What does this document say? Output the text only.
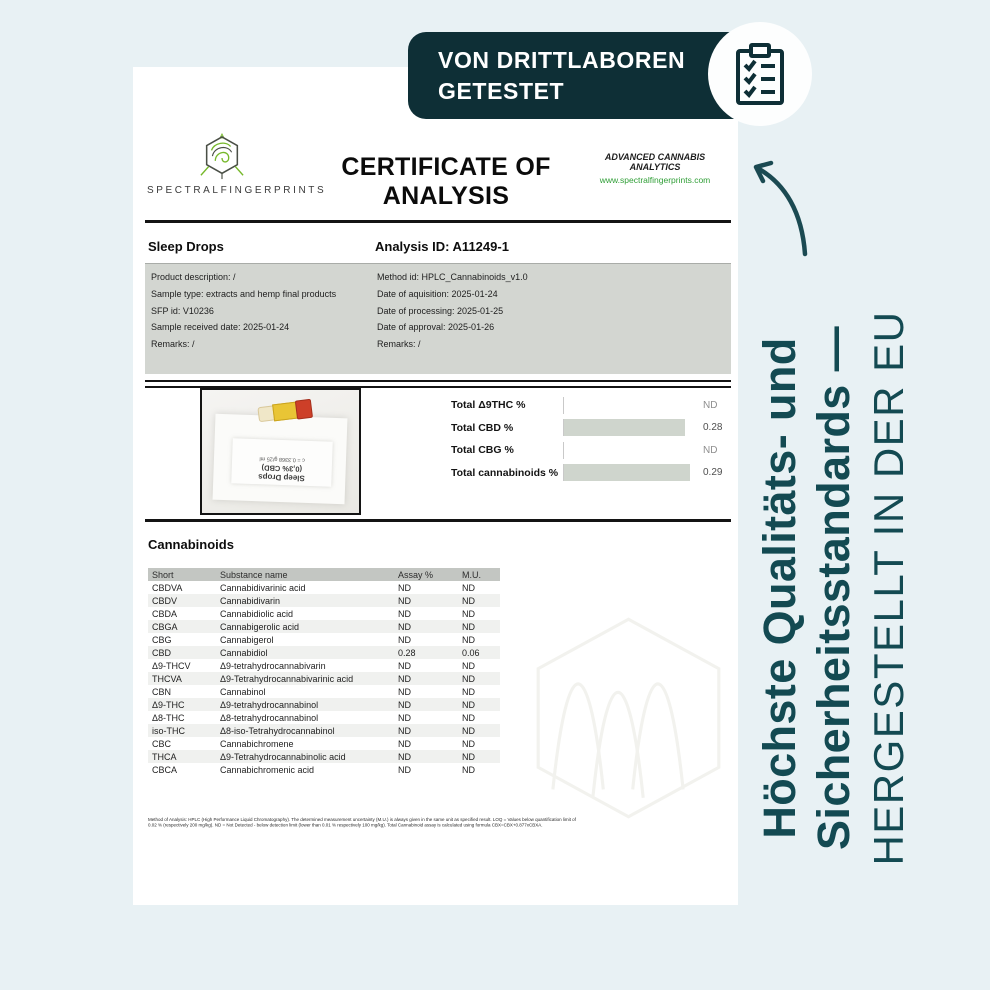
SPECTRALFINGERPRINTS
CERTIFICATE OF ANALYSIS
ADVANCED CANNABIS ANALYTICS
www.spectralfingerprints.com
Sleep Drops	Analysis ID: A11249-1
Product description: /
Sample type: extracts and hemp final products
SFP id: V10236
Sample received date: 2025-01-24
Remarks: /
Method id: HPLC_Cannabinoids_v1.0
Date of aquisition: 2025-01-24
Date of processing: 2025-01-25
Date of approval: 2025-01-26
Remarks: /
Sleep Drops
(0,3% CBD)
c = 0.3368 g/25 ml
Total Δ9THC %	ND
Total CBD %	0.28
Total CBG %	ND
Total cannabinoids %	0.29
Cannabinoids
Short	Substance name	Assay %	M.U.
CBDVA	Cannabidivarinic acid	ND	ND
CBDV	Cannabidivarin	ND	ND
CBDA	Cannabidiolic acid	ND	ND
CBGA	Cannabigerolic acid	ND	ND
CBG	Cannabigerol	ND	ND
CBD	Cannabidiol	0.28	0.06
Δ9-THCV	Δ9-tetrahydrocannabivarin	ND	ND
THCVA	Δ9-Tetrahydrocannabivarinic acid	ND	ND
CBN	Cannabinol	ND	ND
Δ9-THC	Δ9-tetrahydrocannabinol	ND	ND
Δ8-THC	Δ8-tetrahydrocannabinol	ND	ND
iso-THC	Δ8-iso-Tetrahydrocannabinol	ND	ND
CBC	Cannabichromene	ND	ND
THCA	Δ9-Tetrahydrocannabinolic acid	ND	ND
CBCA	Cannabichromenic acid	ND	ND
Method of Analysis: HPLC (High Performance Liquid Chromatography). The determined measurement uncertainty (M.U.) is always given in the same unit as specified result. LOQ = Values below quantification limit of 0.02 % (respectively 200 mg/kg). ND = Not Detected - below detection limit (lower than 0.01 % respectively 100 mg/kg). Total Cannabinoid assay is calculated using formula CBX=CBX+0.877xCBXA.
VON DRITTLABOREN
GETESTET
Höchste Qualitäts- und Sicherheitsstandards — HERGESTELLT IN DER EU
